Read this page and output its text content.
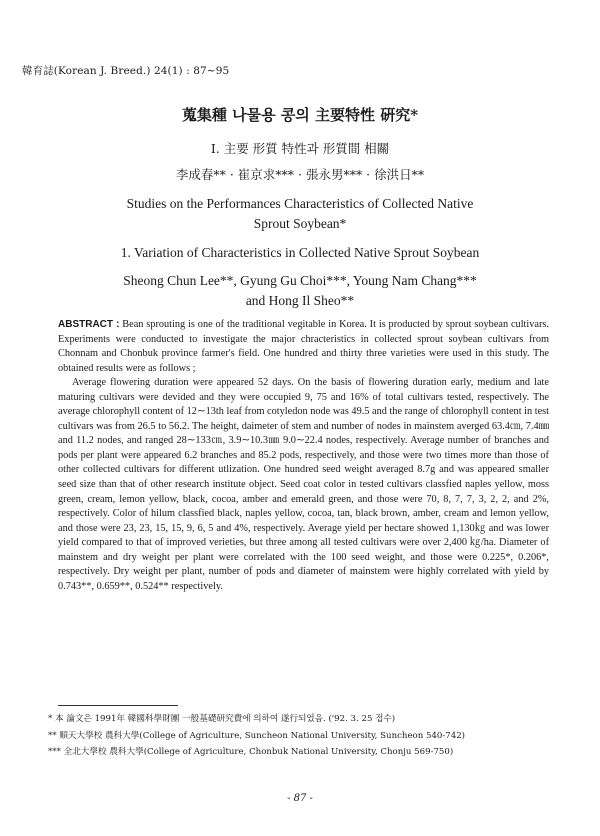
韓育誌(Korean J. Breed.) 24(1) : 87∼95
蒐集種 나물용 콩의 主要特性 硏究*
Ⅰ. 主要 形質 特性과 形質間 相關
李成春** · 崔京求*** · 張永男*** · 徐洪日**
Studies on the Performances Characteristics of Collected Native
Sprout Soybean*
1. Variation of Characteristics in Collected Native Sprout Soybean
Sheong Chun Lee**, Gyung Gu Choi***, Young Nam Chang***
and Hong Il Sheo**

ABSTRACT : Bean sprouting is one of the traditional vegitable in Korea. It is producted by sprout soybean cultivars. Experiments were conducted to investigate the major chracteristics in collected sprout soybean cultivars from Chonnam and Chonbuk province farmer's field. One hundred and thirty three varieties were used in this study. The obtained results were as follows ;

Average flowering duration were appeared 52 days. On the basis of flowering duration early, medium and late maturing cultivars were devided and they were occupied 9, 75 and 16% of total cultivars tested, respectively. The average chlorophyll content of 12∼13th leaf from cotyledon node was 49.5 and the range of chlorophyll content in test cultivars was from 26.5 to 56.2. The height, daimeter of stem and number of nodes in mainstem averged 63.4㎝, 7.4㎜ and 11.2 nodes, and ranged 28∼133㎝, 3.9∼10.3㎜ 9.0∼22.4 nodes, respectively. Average number of branches and pods per plant were appeared 6.2 branches and 85.2 pods, respectively, and those were two times more than those of other collected cultivars for different utlization. One hundred seed weight averaged 8.7g and was appeared smaller seed size than that of other research institute object. Seed coat color in tested cultivars classfied naples yellow, moss green, cream, lemon yellow, black, cocoa, amber and emerald green, and those were 70, 8, 7, 7, 3, 2, 2, and 2%, respectively. Color of hilum classfied black, naples yellow, cocoa, tan, black brown, amber, cream and lemon yellow, and those were 23, 23, 15, 15, 9, 6, 5 and 4%, respectively. Average yield per hectare showed 1,130㎏ and was lower yield compared to that of improved verieties, but three among all tested cultivars were over 2,400 ㎏/ha. Diameter of mainstem and dry weight per plant were correlated with the 100 seed weight, and those were 0.225*, 0.206*, respectively. Dry weight per plant, number of pods and diameter of mainstem were highly correlated with yield by 0.743**, 0.659**, 0.524** respectively.

* 本 論文은 1991年 韓國科學財團 一般基礎研究費에 의하여 遂行되었음. ('92. 3. 25 접수)
** 順天大學校 農科大學(College of Agriculture, Suncheon National University, Suncheon 540-742)
*** 全北大學校 農科大學(College of Agriculture, Chonbuk National University, Chonju 569-750)
- 87 -
